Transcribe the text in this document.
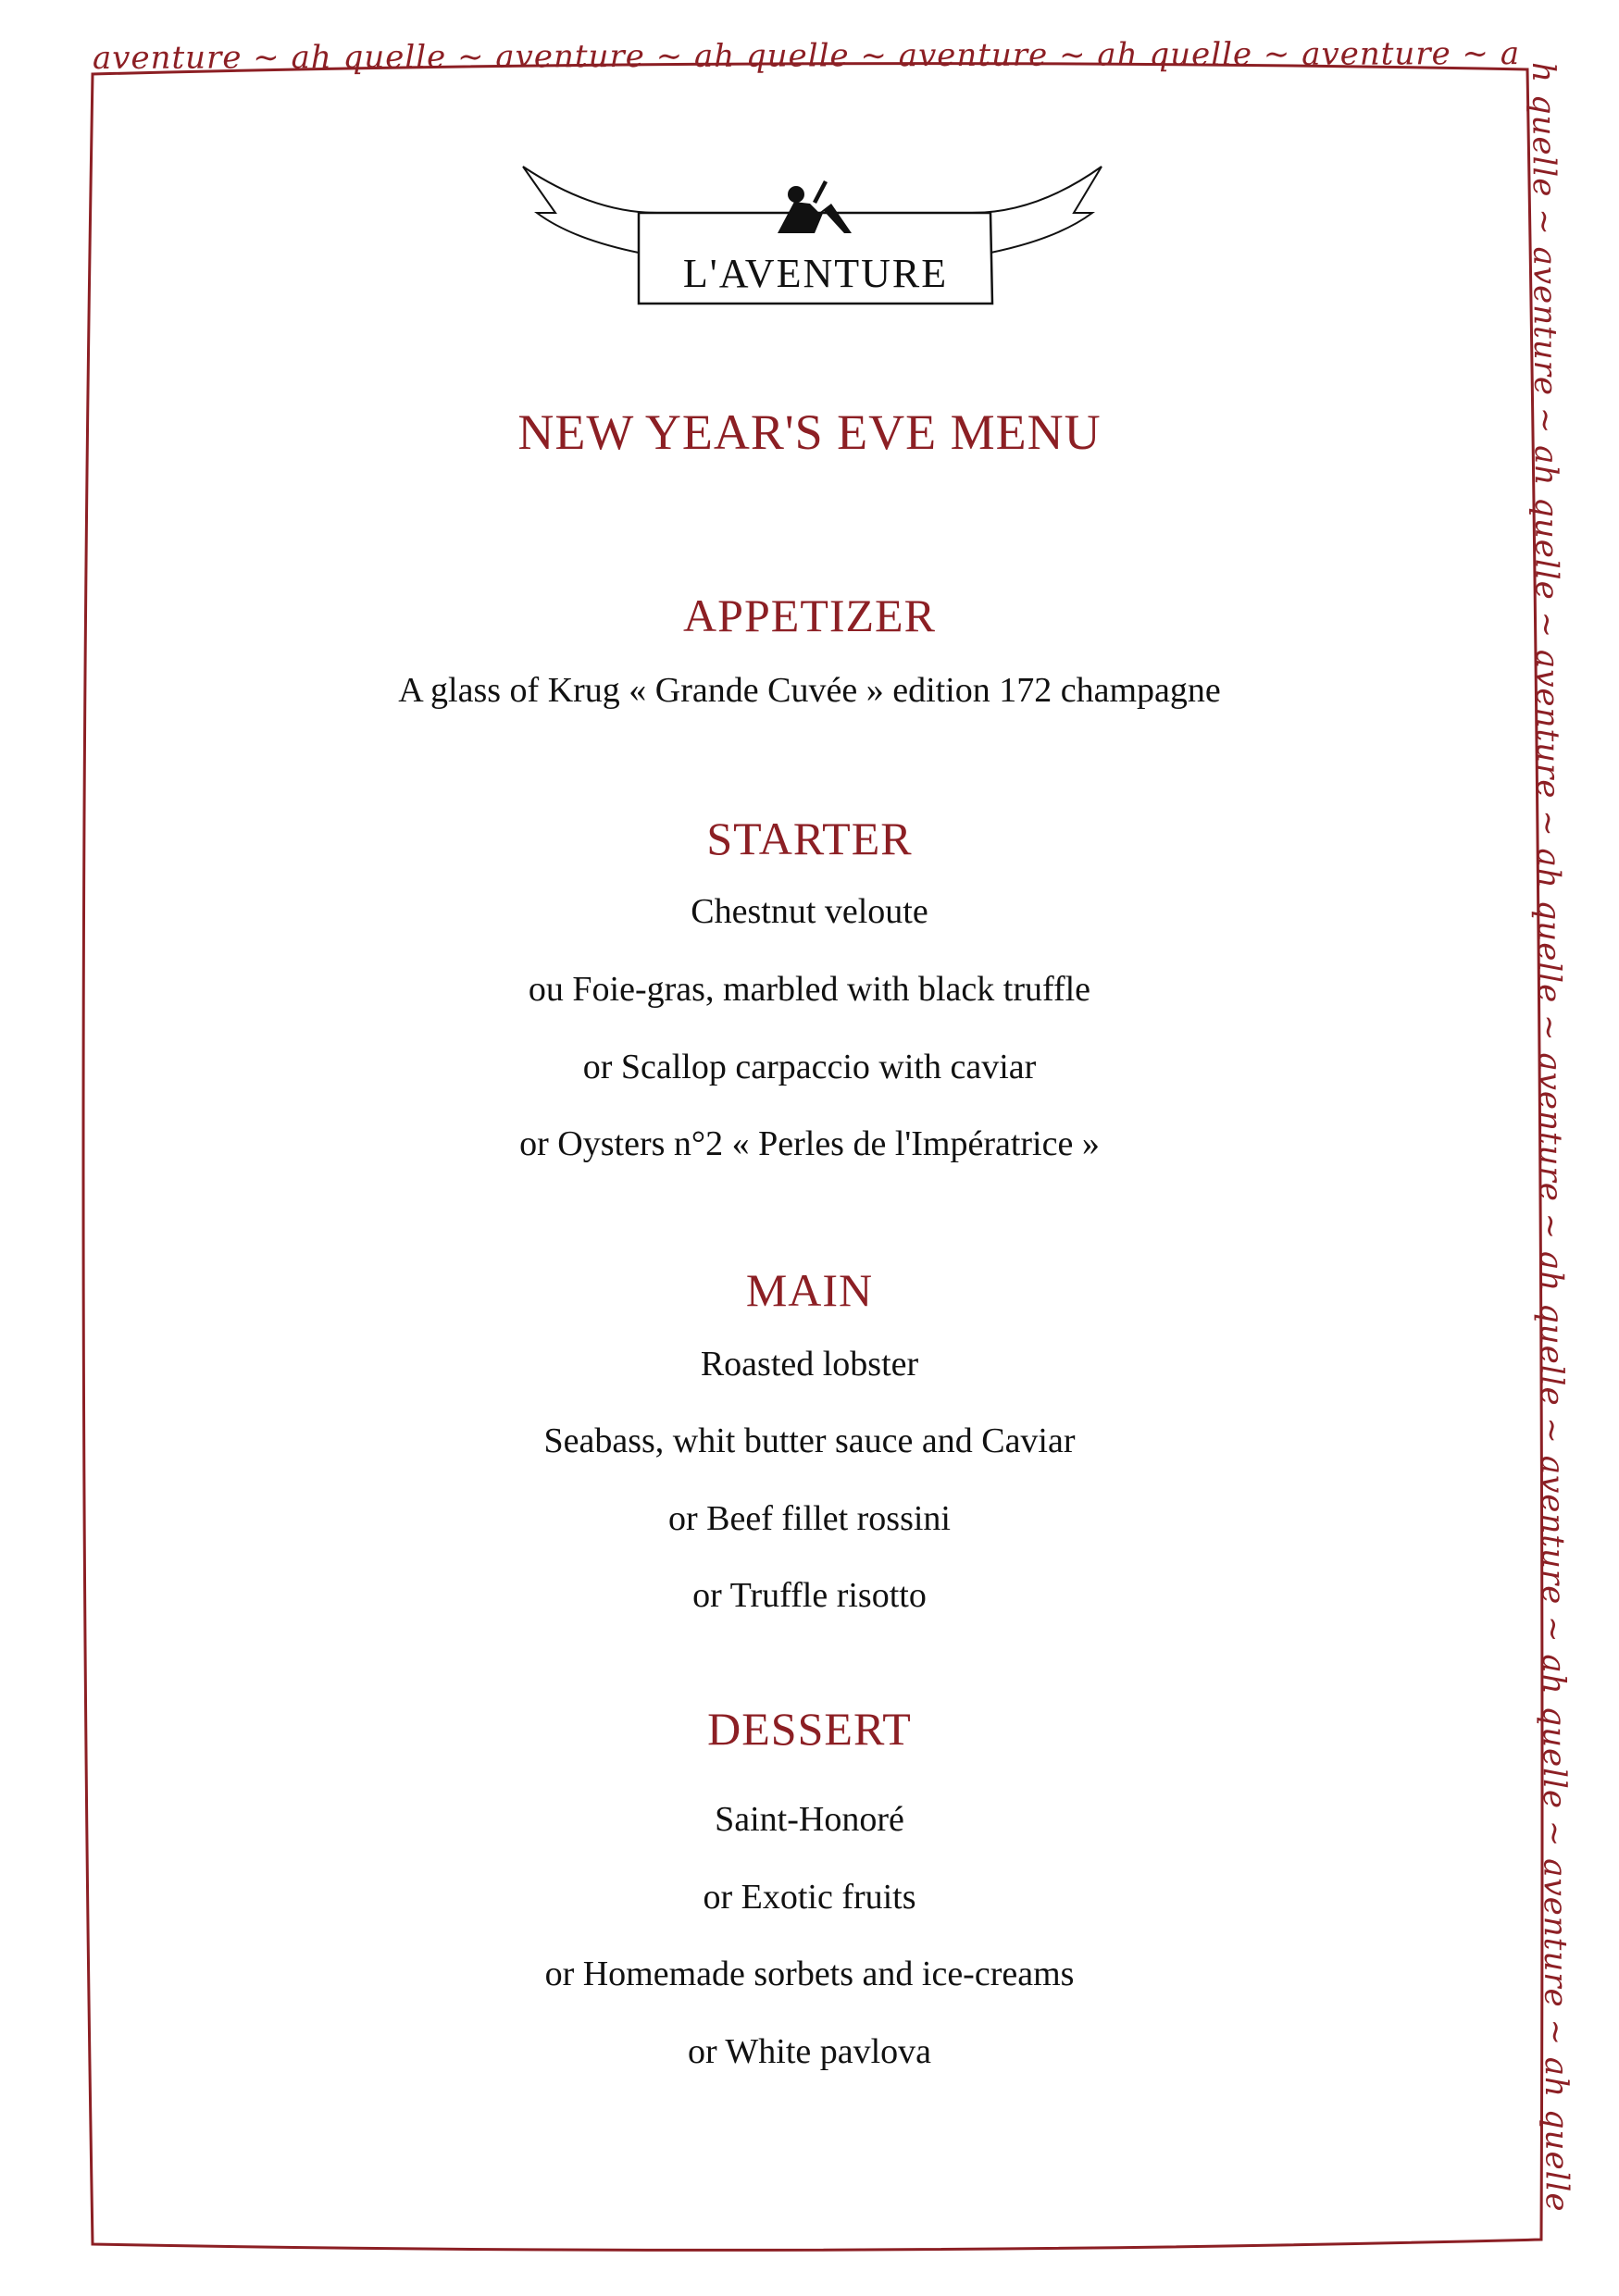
aventure ~ ah quelle ~ aventure ~ ah quelle ~ aventure ~ ah quelle ~ aventure ~ ah quelle ~ aventure ~ ah quelle ~ aventure ~ ah quelle ~ aventure ~ ah quelle ~ aventure ~ ah quelle ~ aventure ~ ah quelle
L'AVENTURE
NEW YEAR'S EVE MENU
APPETIZER
A glass of Krug « Grande Cuvée » edition 172 champagne
STARTER
Chestnut veloute
ou Foie-gras, marbled with black truffle
or Scallop carpaccio with caviar
or Oysters n°2 « Perles de l'Impératrice »
MAIN
Roasted lobster
Seabass, whit butter sauce and Caviar
or Beef fillet rossini
or Truffle risotto
DESSERT
Saint-Honoré
or Exotic fruits
or Homemade sorbets and ice-creams
or White pavlova
